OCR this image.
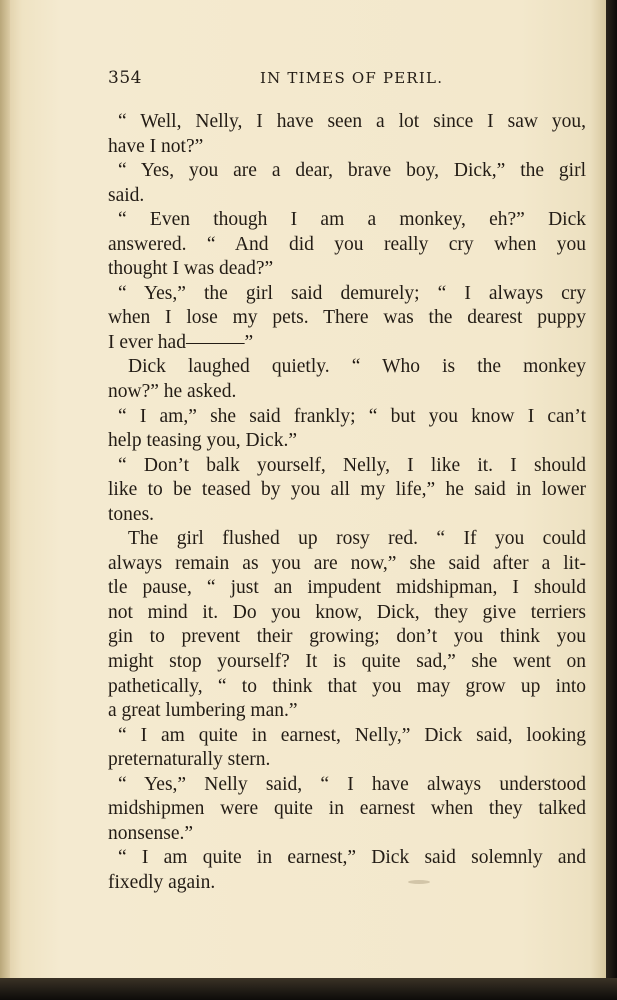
354	IN TIMES OF PERIL.
“ Well, Nelly, I have seen a lot since I saw you,
have I not?”
“ Yes, you are a dear, brave boy, Dick,” the girl
said.
“ Even though I am a monkey, eh?” Dick
answered. “ And did you really cry when you
thought I was dead?”
“ Yes,” the girl said demurely; “ I always cry
when I lose my pets. There was the dearest puppy
I ever had———”
Dick laughed quietly. “ Who is the monkey
now?” he asked.
“ I am,” she said frankly; “ but you know I can’t
help teasing you, Dick.”
“ Don’t balk yourself, Nelly, I like it. I should
like to be teased by you all my life,” he said in lower
tones.
The girl flushed up rosy red. “ If you could
always remain as you are now,” she said after a lit-
tle pause, “ just an impudent midshipman, I should
not mind it. Do you know, Dick, they give terriers
gin to prevent their growing; don’t you think you
might stop yourself? It is quite sad,” she went on
pathetically, “ to think that you may grow up into
a great lumbering man.”
“ I am quite in earnest, Nelly,” Dick said, looking
preternaturally stern.
“ Yes,” Nelly said, “ I have always understood
midshipmen were quite in earnest when they talked
nonsense.”
“ I am quite in earnest,” Dick said solemnly and
fixedly again.
